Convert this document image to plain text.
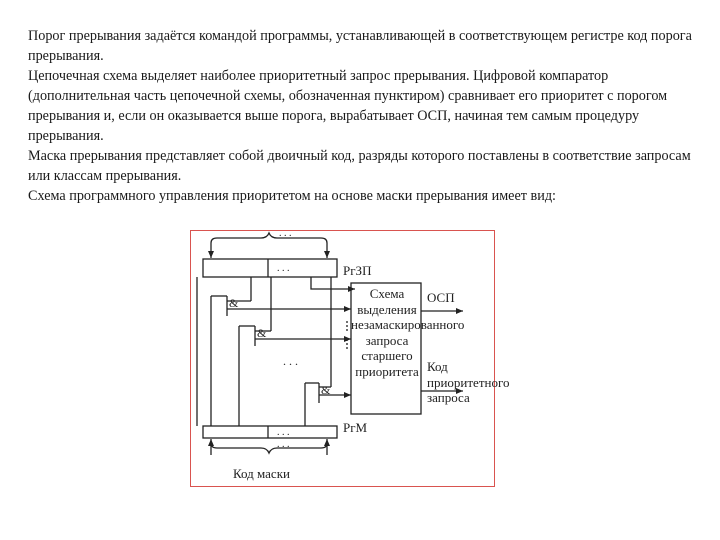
Порог прерывания задаётся командой программы, устанавливающей в соответствующем регистре код порога прерывания.

Цепочечная схема выделяет наиболее приоритетный запрос прерывания. Цифровой компаратор (дополнительная часть цепочечной схемы, обозначенная пунктиром) сравнивает его приоритет с порогом прерывания и, если он оказывается выше порога, вырабатывает ОСП, начиная тем самым процедуру прерывания.

Маска прерывания представляет собой двоичный код, разряды которого поставлены в соответствие запросам или классам прерывания.

Схема программного управления приоритетом на основе маски прерывания имеет вид:

&
&
&
. . .
. . .
. . .
. . .
. . .
РгЗП
РгМ
ОСП
Код маски
Схема выделения незамаскированного запроса старшего приоритета Код приоритетного запроса
